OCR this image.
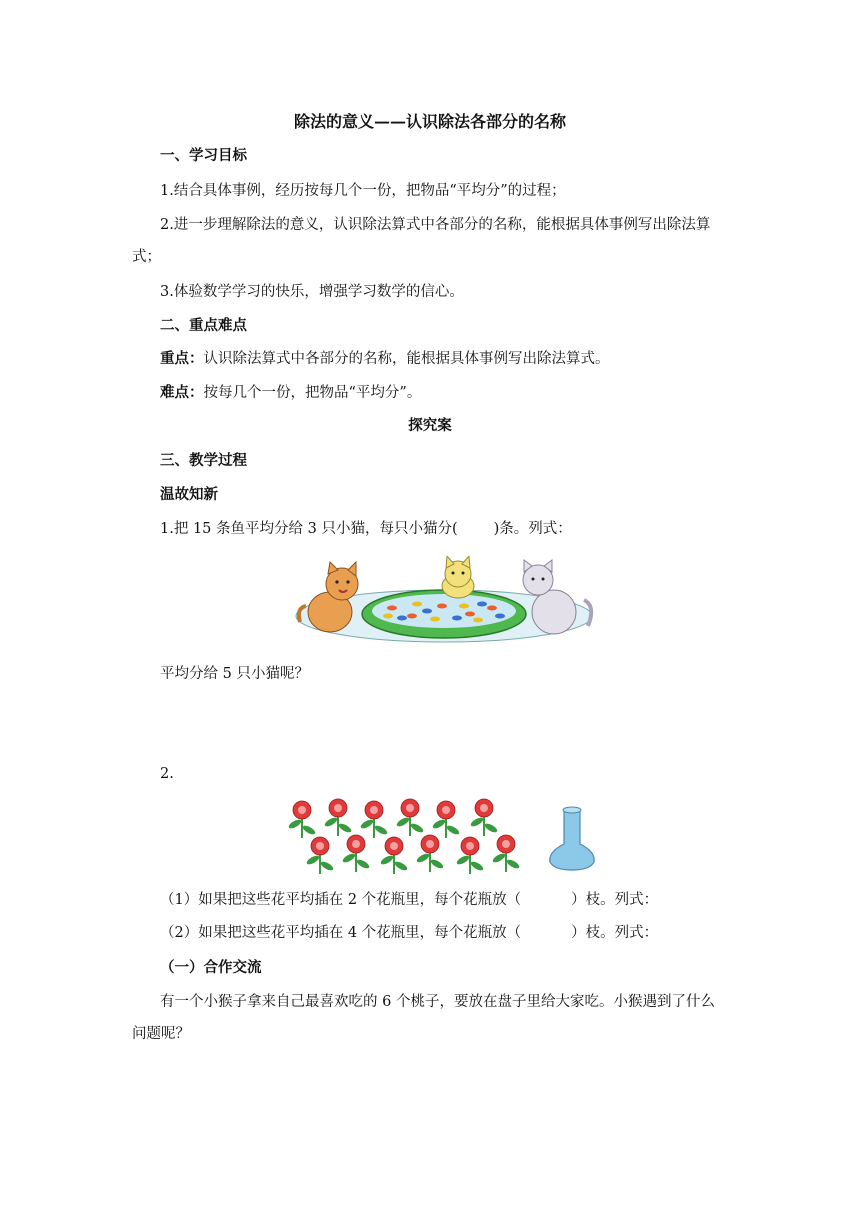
除法的意义——认识除法各部分的名称
一、学习目标
1.结合具体事例，经历按每几个一份，把物品“平均分”的过程；
2.进一步理解除法的意义，认识除法算式中各部分的名称，能根据具体事例写出除法算
式；
3.体验数学学习的快乐，增强学习数学的信心。
二、重点难点
重点：认识除法算式中各部分的名称，能根据具体事例写出除法算式。
难点：按每几个一份，把物品“平均分”。
探究案
三、教学过程
温故知新
1.把 15 条鱼平均分给 3 只小猫，每只小猫分( )条。列式：
平均分给 5 只小猫呢？
2.
（1）如果把这些花平均插在 2 个花瓶里，每个花瓶放（	）枝。列式：
（2）如果把这些花平均插在 4 个花瓶里，每个花瓶放（	）枝。列式：
（一）合作交流
有一个小猴子拿来自己最喜欢吃的 6 个桃子，要放在盘子里给大家吃。小猴遇到了什么
问题呢？
